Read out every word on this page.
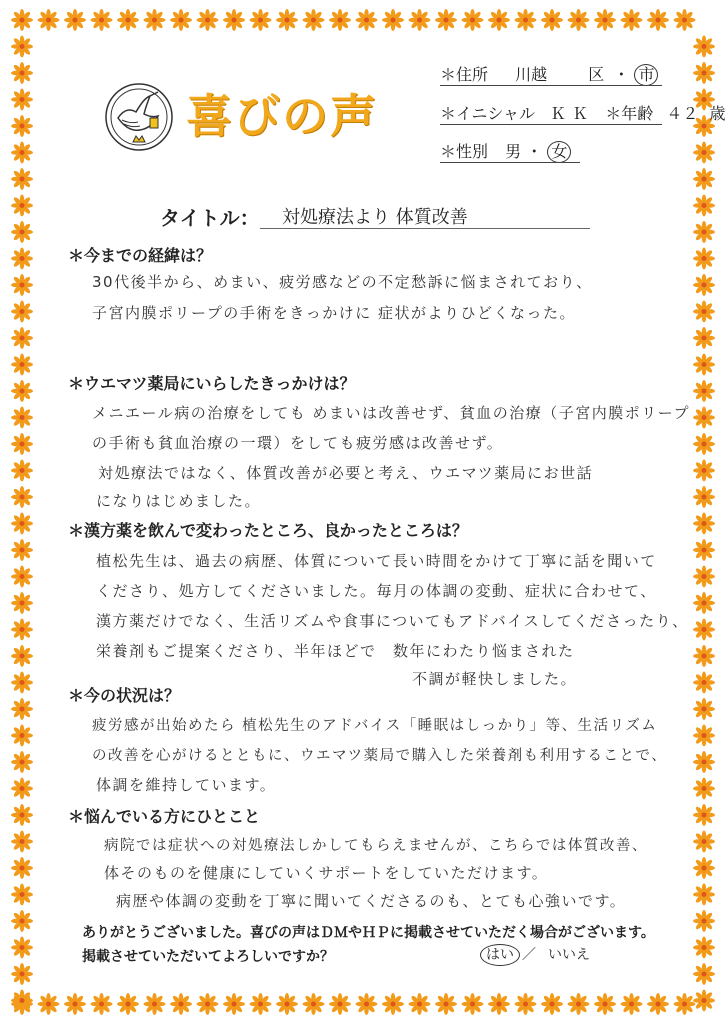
喜びの声
＊住所 川越	区 ・ 市
＊イニシャル ＫＫ ＊年齢 ４２ 歳
＊性別 男 ・ 女
タイトル： 対処療法より 体質改善
＊今までの経緯は？
30代後半から、めまい、疲労感などの不定愁訴に悩まされており、
子宮内膜ポリープの手術をきっかけに 症状がよりひどくなった。
＊ウエマツ薬局にいらしたきっかけは？
メニエール病の治療をしても めまいは改善せず、貧血の治療（子宮内膜ポリープ
の手術も貧血治療の一環）をしても疲労感は改善せず。
対処療法ではなく、体質改善が必要と考え、ウエマツ薬局にお世話
になりはじめました。
＊漢方薬を飲んで変わったところ、良かったところは？
植松先生は、過去の病歴、体質について長い時間をかけて丁寧に話を聞いて
くださり、処方してくださいました。毎月の体調の変動、症状に合わせて、
漢方薬だけでなく、生活リズムや食事についてもアドバイスしてくださったり、
栄養剤もご提案くださり、半年ほどで　数年にわたり悩まされた
不調が軽快しました。
＊今の状況は？
疲労感が出始めたら 植松先生のアドバイス「睡眠はしっかり」等、生活リズム
の改善を心がけるとともに、ウエマツ薬局で購入した栄養剤も利用することで、
体調を維持しています。
＊悩んでいる方にひとこと
病院では症状への対処療法しかしてもらえませんが、こちらでは体質改善、
体そのものを健康にしていくサポートをしていただけます。
病歴や体調の変動を丁寧に聞いてくださるのも、とても心強いです。
ありがとうございました。喜びの声はＤＭやＨＰに掲載させていただく場合がございます。
掲載させていただいてよろしいですか？	はい ／ いいえ
